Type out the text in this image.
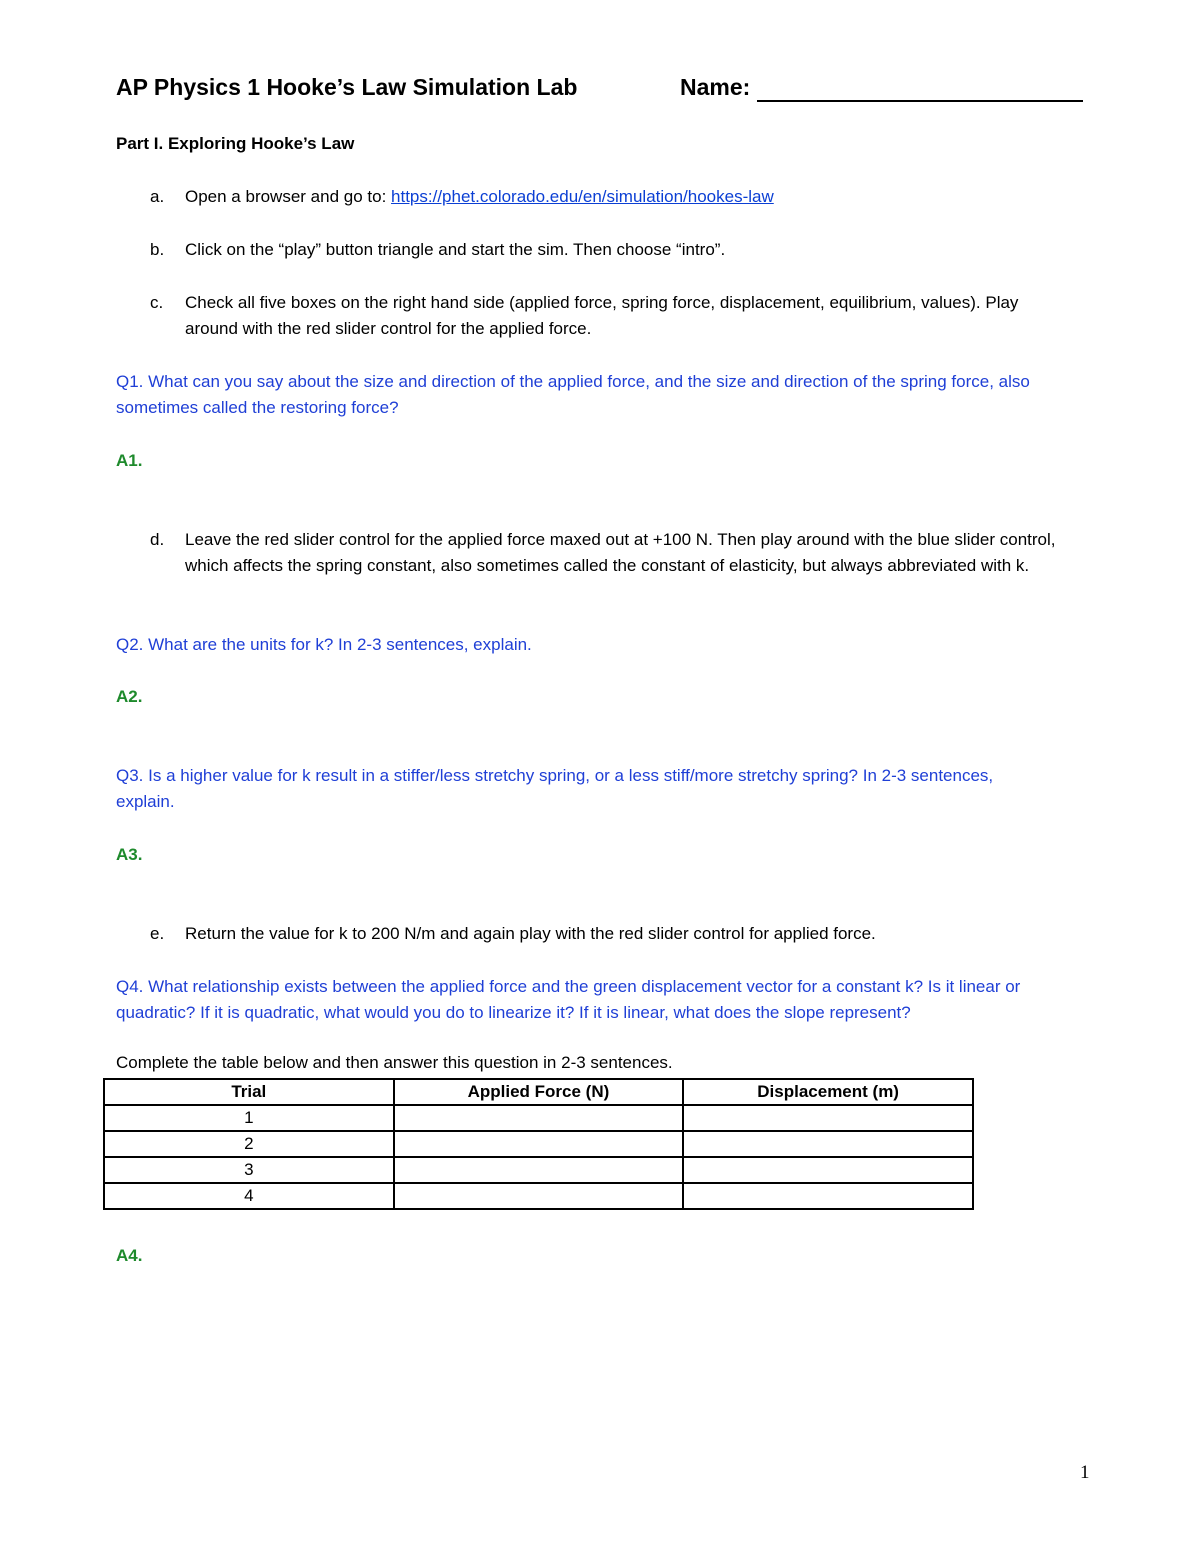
AP Physics 1 Hooke’s Law Simulation Lab	Name:
Part I. Exploring Hooke’s Law
a. Open a browser and go to: https://phet.colorado.edu/en/simulation/hookes-law
b. Click on the “play” button triangle and start the sim. Then choose “intro”.
c. Check all five boxes on the right hand side (applied force, spring force, displacement, equilibrium, values). Play around with the red slider control for the applied force.
Q1. What can you say about the size and direction of the applied force, and the size and direction of the spring force, also sometimes called the restoring force?
A1.
d. Leave the red slider control for the applied force maxed out at +100 N. Then play around with the blue slider control, which affects the spring constant, also sometimes called the constant of elasticity, but always abbreviated with k.
Q2. What are the units for k? In 2-3 sentences, explain.
A2.
Q3. Is a higher value for k result in a stiffer/less stretchy spring, or a less stiff/more stretchy spring? In 2-3 sentences, explain.
A3.
e. Return the value for k to 200 N/m and again play with the red slider control for applied force.
Q4. What relationship exists between the applied force and the green displacement vector for a constant k? Is it linear or quadratic? If it is quadratic, what would you do to linearize it? If it is linear, what does the slope represent?
Complete the table below and then answer this question in 2-3 sentences.
Trial	Applied Force (N)	Displacement (m)
1		
2		
3		
4		
A4.
1
